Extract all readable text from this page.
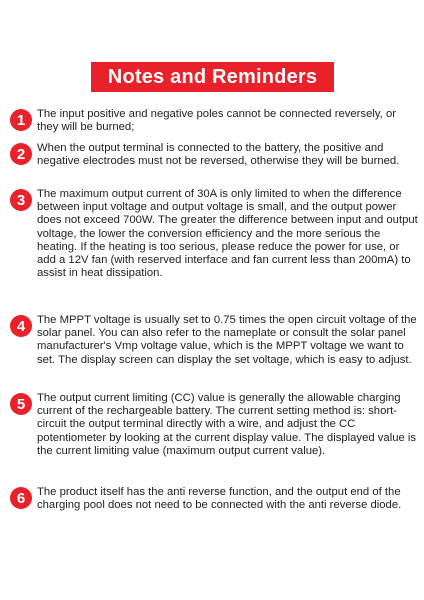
Notes and Reminders
1 The input positive and negative poles cannot be connected reversely, or they will be burned;
2 When the output terminal is connected to the battery, the positive and negative electrodes must not be reversed, otherwise they will be burned.
3 The maximum output current of 30A is only limited to when the difference between input voltage and output voltage is small, and the output power does not exceed 700W. The greater the difference between input and output voltage, the lower the conversion efficiency and the more serious the heating. If the heating is too serious, please reduce the power for use, or add a 12V fan (with reserved interface and fan current less than 200mA) to assist in heat dissipation.
4 The MPPT voltage is usually set to 0.75 times the open circuit voltage of the solar panel. You can also refer to the nameplate or consult the solar panel manufacturer's Vmp voltage value, which is the MPPT voltage we want to set. The display screen can display the set voltage, which is easy to adjust.
5 The output current limiting (CC) value is generally the allowable charging current of the rechargeable battery. The current setting method is: short-circuit the output terminal directly with a wire, and adjust the CC potentiometer by looking at the current display value. The displayed value is the current limiting value (maximum output current value).
6 The product itself has the anti reverse function, and the output end of the charging pool does not need to be connected with the anti reverse diode.
